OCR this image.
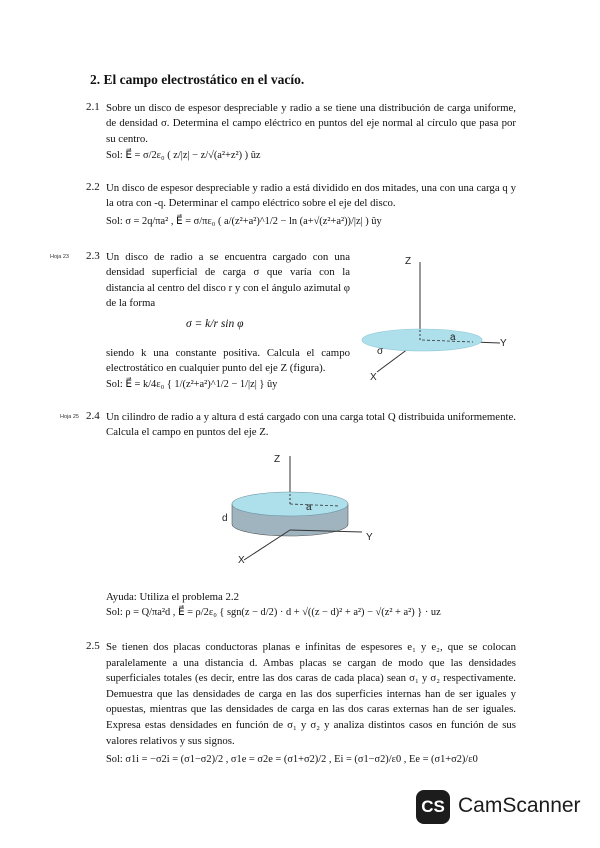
2. El campo electrostático en el vacío.
2.1 Sobre un disco de espesor despreciable y radio a se tiene una distribución de carga uniforme, de densidad σ. Determina el campo eléctrico en puntos del eje normal al círculo que pasa por su centro.
Sol: E⃗ = σ/2ε₀ ( z/|z| − z/√(a²+z²) ) ûz
2.2 Un disco de espesor despreciable y radio a está dividido en dos mitades, una con una carga q y la otra con -q. Determinar el campo eléctrico sobre el eje del disco.
Sol: σ = 2q/πa² , E⃗ = σ/πε₀ ( a/(z²+a²)^1/2 − ln (a+√(z²+a²))/|z| ) ûy
Hoja 23 2.3 Un disco de radio a se encuentra cargado con una densidad superficial de carga σ que varía con la distancia al centro del disco r y con el ángulo azimutal φ de la forma
σ = k/r sin φ
siendo k una constante positiva. Calcula el campo electrostático en cualquier punto del eje Z (figura).
Sol: E⃗ = k/4ε₀ { 1/(z²+a²)^1/2 − 1/|z| } ûy
Z
Y
X
a
σ
Hoja 25 2.4 Un cilindro de radio a y altura d está cargado con una carga total Q distribuida uniformemente. Calcula el campo en puntos del eje Z.
Z
Y
X
a
d
Ayuda: Utiliza el problema 2.2
Sol: ρ = Q/πa²d , E⃗ = ρ/2ε₀ { sgn(z − d/2) · d + √((z − d)² + a²) − √(z² + a²) } · uz
2.5 Se tienen dos placas conductoras planas e infinitas de espesores e₁ y e₂, que se colocan paralelamente a una distancia d. Ambas placas se cargan de modo que las densidades superficiales totales (es decir, entre las dos caras de cada placa) sean σ₁ y σ₂ respectivamente. Demuestra que las densidades de carga en las dos superficies internas han de ser iguales y opuestas, mientras que las densidades de carga en las dos caras externas han de ser iguales. Expresa estas densidades en función de σ₁ y σ₂ y analiza distintos casos en función de sus valores relativos y sus signos.
Sol: σ1i = −σ2i = (σ1−σ2)/2 , σ1e = σ2e = (σ1+σ2)/2 , Ei = (σ1−σ2)/ε0 , Ee = (σ1+σ2)/ε0
CS CamScanner
